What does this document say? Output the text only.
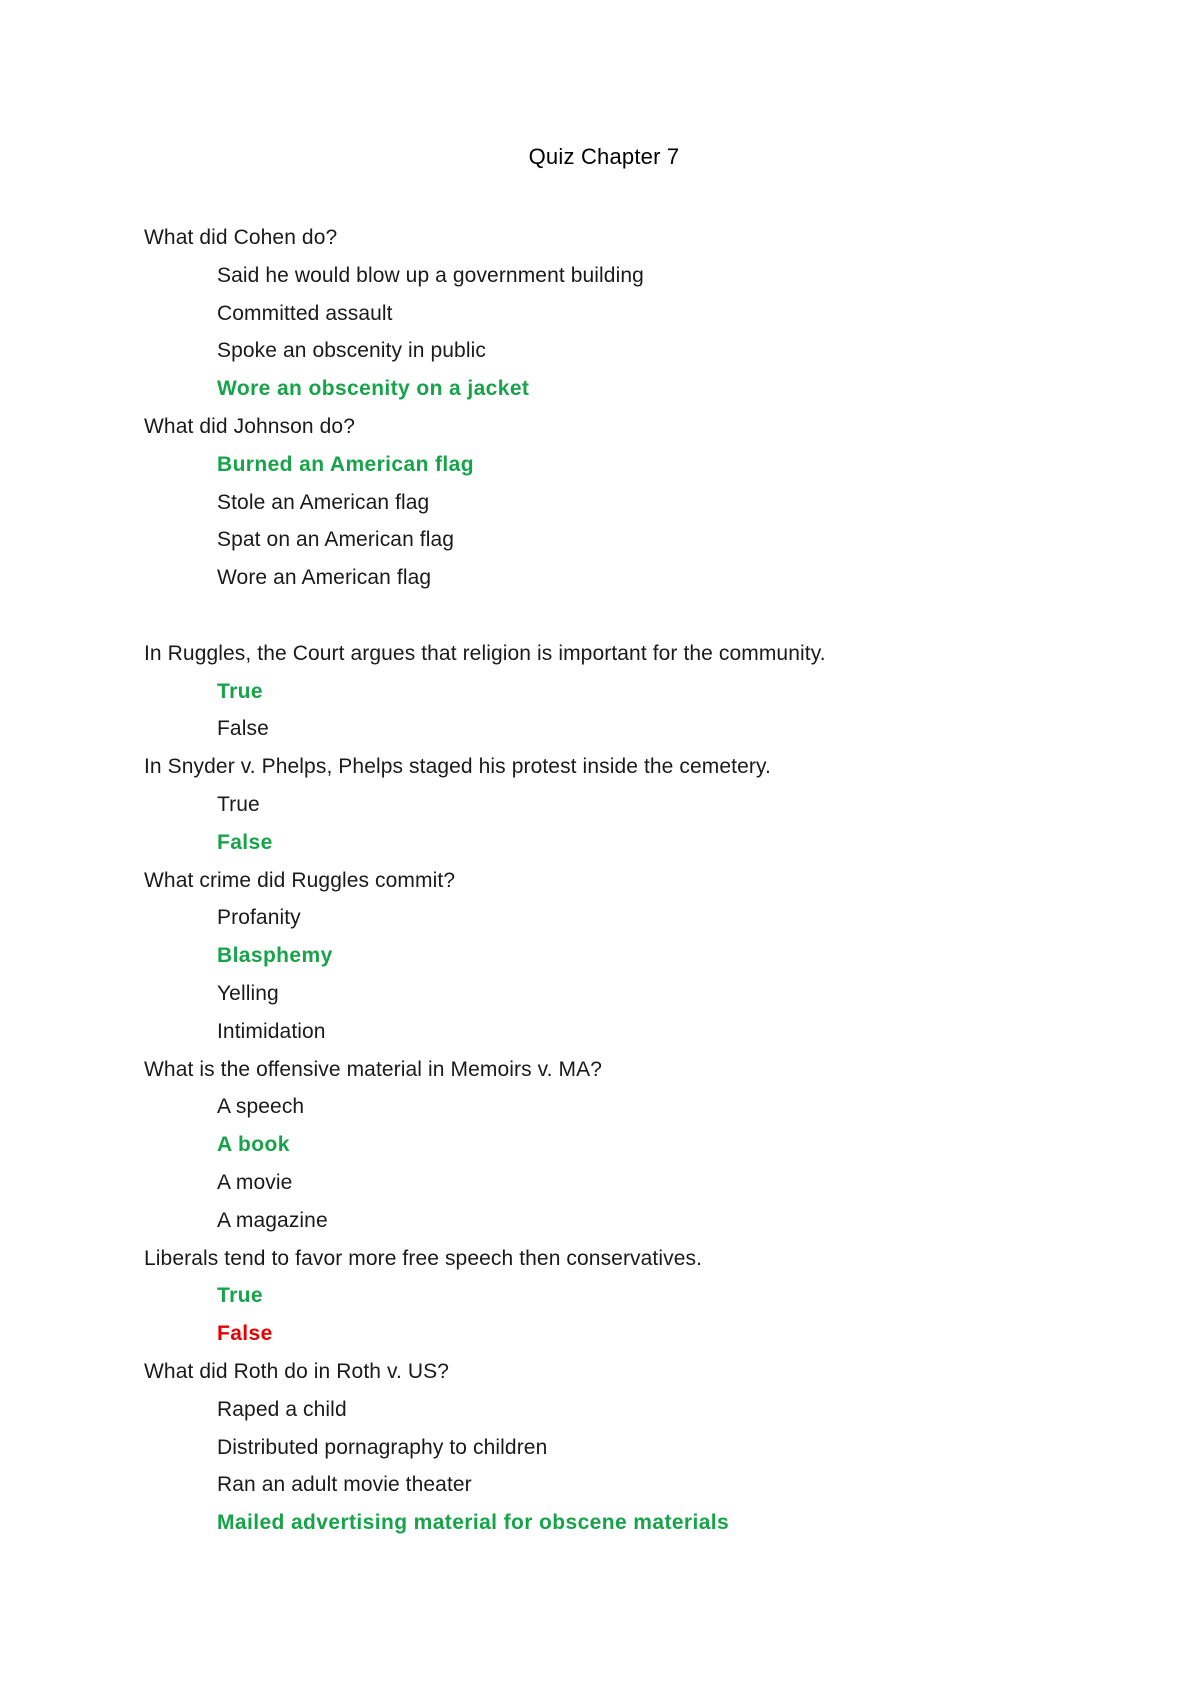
Quiz Chapter 7
What did Cohen do?
Said he would blow up a government building
Committed assault
Spoke an obscenity in public
Wore an obscenity on a jacket
What did Johnson do?
Burned an American flag
Stole an American flag
Spat on an American flag
Wore an American flag
In Ruggles, the Court argues that religion is important for the community.
True
False
In Snyder v. Phelps, Phelps staged his protest inside the cemetery.
True
False
What crime did Ruggles commit?
Profanity
Blasphemy
Yelling
Intimidation
What is the offensive material in Memoirs v. MA?
A speech
A book
A movie
A magazine
Liberals tend to favor more free speech then conservatives.
True
False
What did Roth do in Roth v. US?
Raped a child
Distributed pornagraphy to children
Ran an adult movie theater
Mailed advertising material for obscene materials
